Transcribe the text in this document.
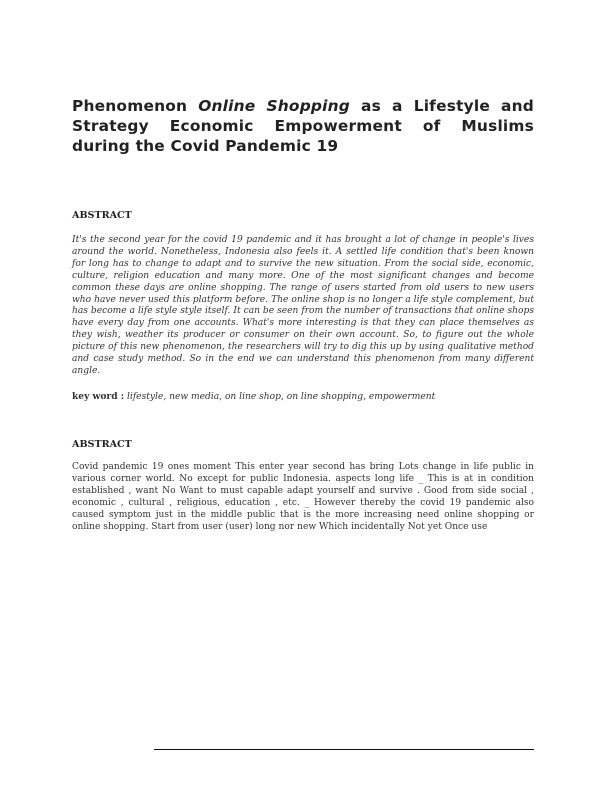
Phenomenon Online Shopping as a Lifestyle and Strategy Economic Empowerment of Muslims during the Covid Pandemic 19
ABSTRACT
It's the second year for the covid 19 pandemic and it has brought a lot of change in people's lives around the world. Nonetheless, Indonesia also feels it. A settled life condition that's been known for long has to change to adapt and to survive the new situation. From the social side, economic, culture, religion education and many more. One of the most significant changes and become common these days are online shopping. The range of users started from old users to new users who have never used this platform before. The online shop is no longer a life style complement, but has become a life style style itself. It can be seen from the number of transactions that online shops have every day from one accounts. What's more interesting is that they can place themselves as they wish, weather its producer or consumer on their own account. So, to figure out the whole picture of this new phenomenon, the researchers will try to dig this up by using qualitative method and case study method. So in the end we can understand this phenomenon from many different angle.
key word : lifestyle, new media, on line shop, on line shopping, empowerment
ABSTRACT
Covid pandemic 19 ones moment This enter year second has bring Lots change in life public in various corner world. No except for public Indonesia. aspects long life _ This is at in condition established , want No Want to must capable adapt yourself and survive . Good from side social , economic , cultural , religious, education , etc. _ However thereby the covid 19 pandemic also caused symptom just in the middle public that is the more increasing need online shopping or online shopping. Start from user (user) long nor new Which incidentally Not yet Once use
